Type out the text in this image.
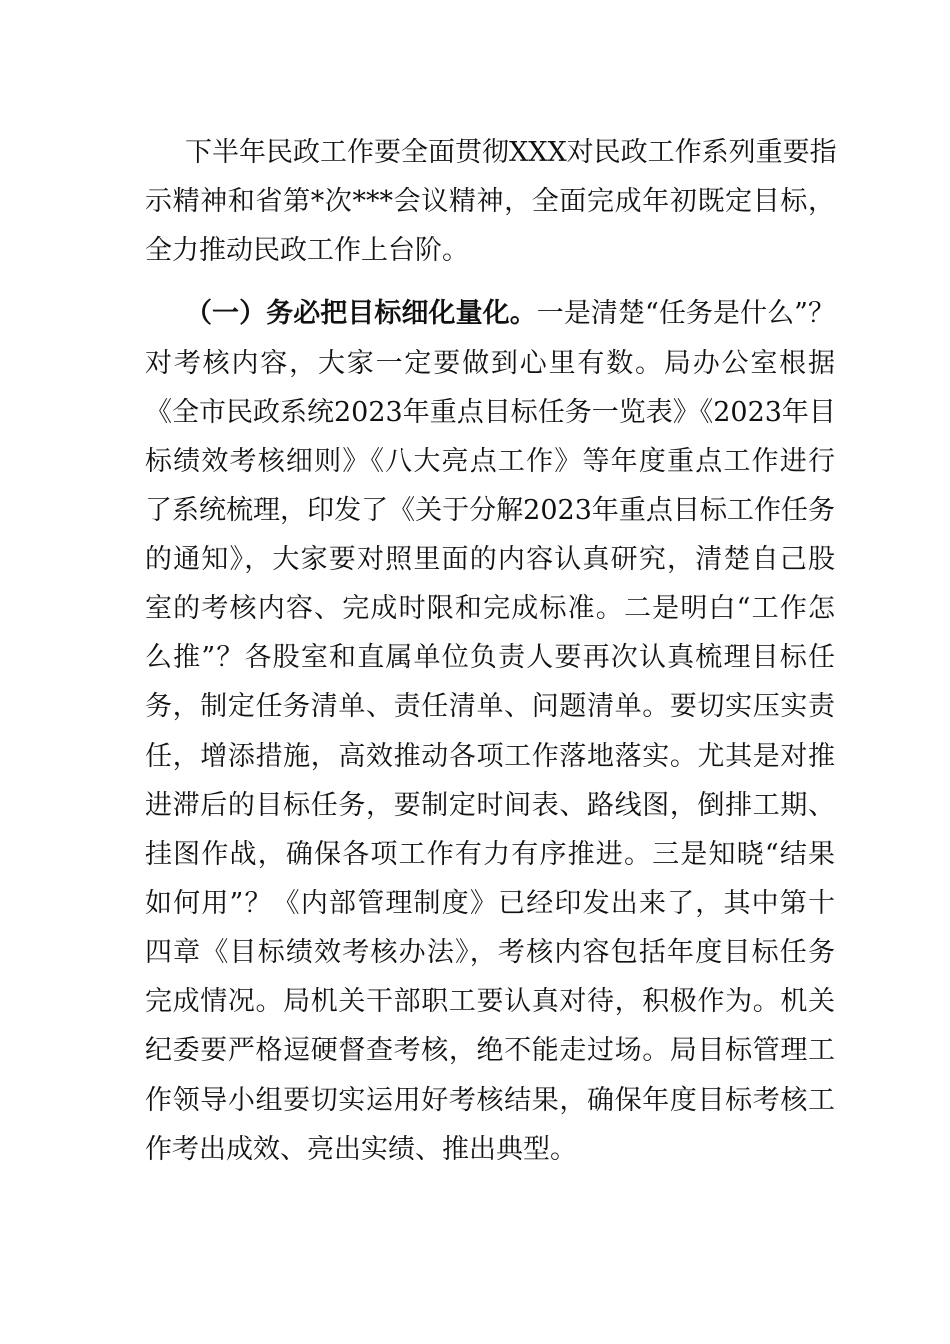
下半年民政工作要全面贯彻XXX对民政工作系列重要指
示精神和省第*次***会议精神，全面完成年初既定目标，
全力推动民政工作上台阶。
（一）务必把目标细化量化。一是清楚“任务是什么”？
对考核内容，大家一定要做到心里有数。局办公室根据
《全市民政系统2023年重点目标任务一览表》《2023年目
标绩效考核细则》《八大亮点工作》等年度重点工作进行
了系统梳理，印发了《关于分解2023年重点目标工作任务
的通知》，大家要对照里面的内容认真研究，清楚自己股
室的考核内容、完成时限和完成标准。二是明白“工作怎
么推”？各股室和直属单位负责人要再次认真梳理目标任
务，制定任务清单、责任清单、问题清单。要切实压实责
任，增添措施，高效推动各项工作落地落实。尤其是对推
进滞后的目标任务，要制定时间表、路线图，倒排工期、
挂图作战，确保各项工作有力有序推进。三是知晓“结果
如何用”？《内部管理制度》已经印发出来了，其中第十
四章《目标绩效考核办法》，考核内容包括年度目标任务
完成情况。局机关干部职工要认真对待，积极作为。机关
纪委要严格逗硬督查考核，绝不能走过场。局目标管理工
作领导小组要切实运用好考核结果，确保年度目标考核工
作考出成效、亮出实绩、推出典型。
